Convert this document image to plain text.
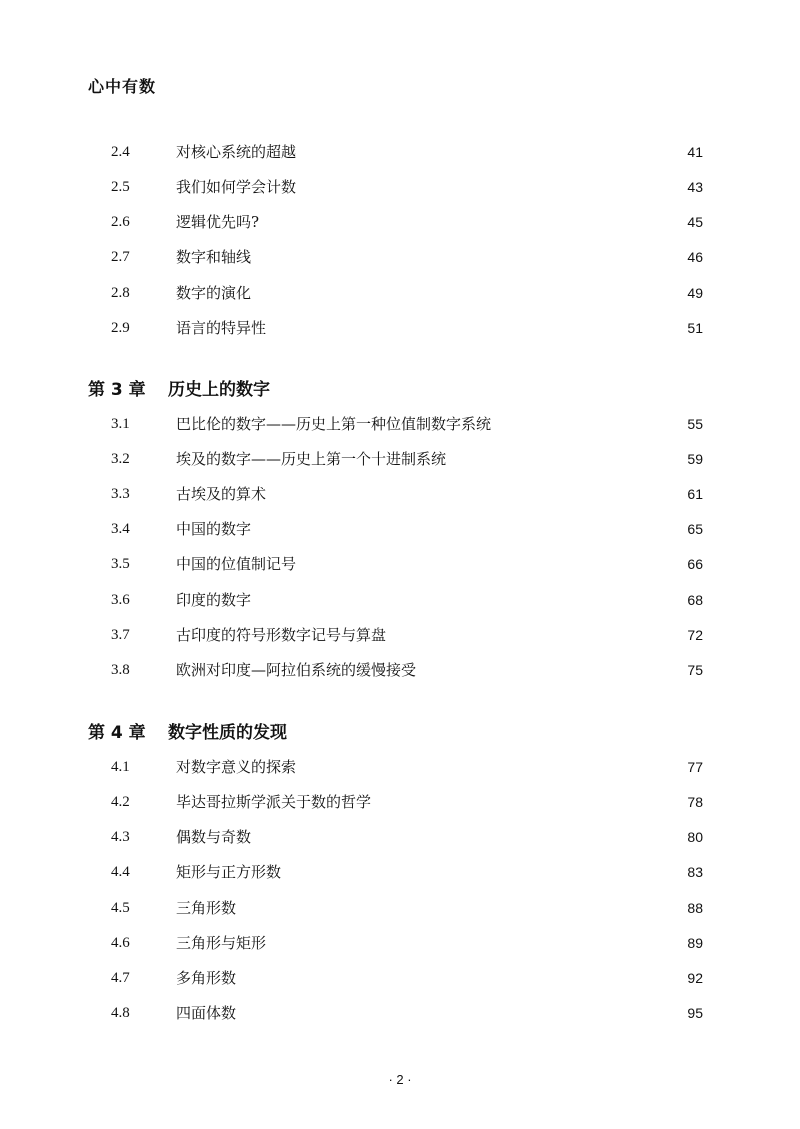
心中有数
2.4	对核心系统的超越	41
2.5	我们如何学会计数	43
2.6	逻辑优先吗?	45
2.7	数字和轴线	46
2.8	数字的演化	49
2.9	语言的特异性	51
第 3 章 历史上的数字
3.1	巴比伦的数字——历史上第一种位值制数字系统	55
3.2	埃及的数字——历史上第一个十进制系统	59
3.3	古埃及的算术	61
3.4	中国的数字	65
3.5	中国的位值制记号	66
3.6	印度的数字	68
3.7	古印度的符号形数字记号与算盘	72
3.8	欧洲对印度—阿拉伯系统的缓慢接受	75
第 4 章 数字性质的发现
4.1	对数字意义的探索	77
4.2	毕达哥拉斯学派关于数的哲学	78
4.3	偶数与奇数	80
4.4	矩形与正方形数	83
4.5	三角形数	88
4.6	三角形与矩形	89
4.7	多角形数	92
4.8	四面体数	95
· 2 ·
